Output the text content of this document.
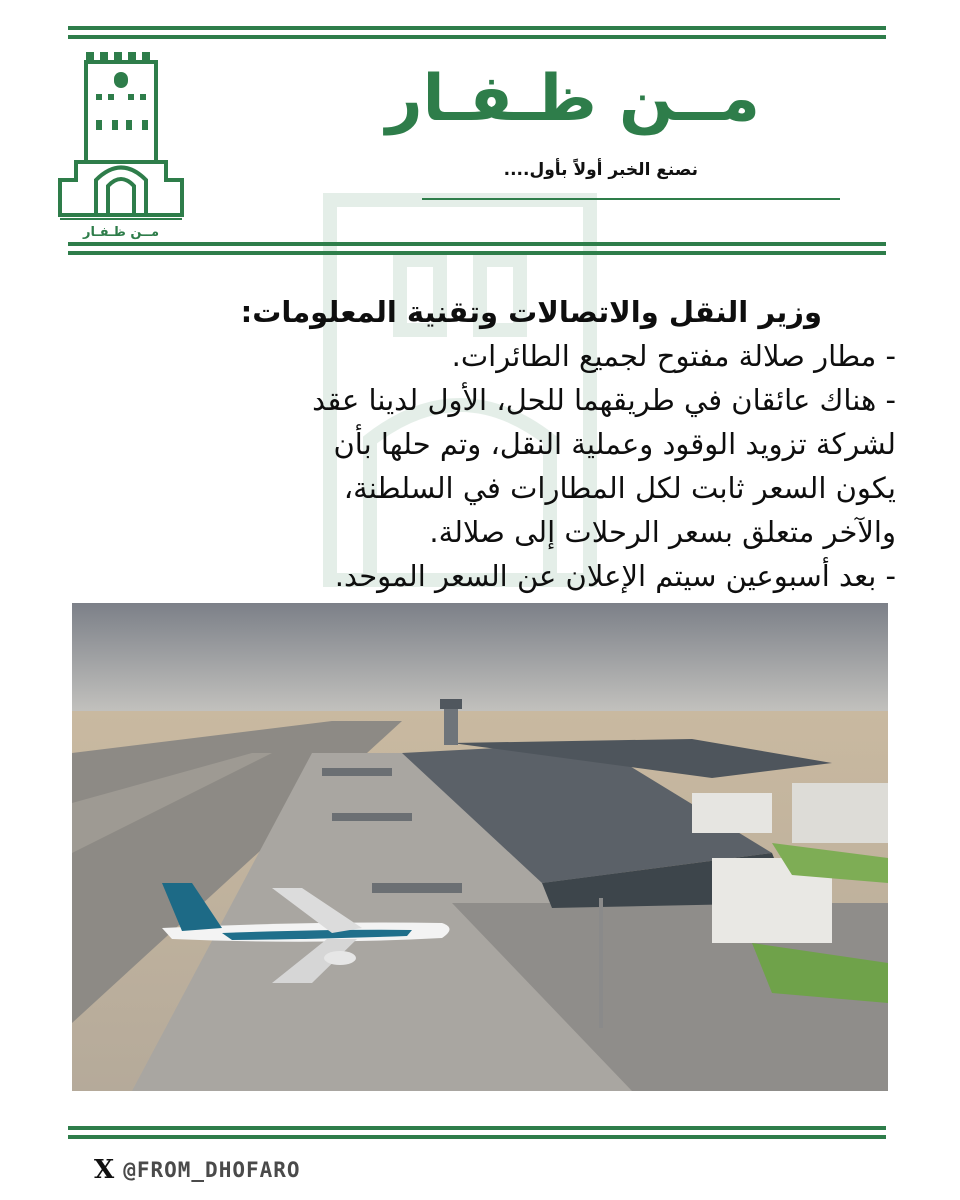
مــن ظـفـار
مــن ظـفـار
نصنع الخبر أولاً بأول....
وزير النقل والاتصالات وتقنية المعلومات:
- مطار صلالة مفتوح لجميع الطائرات.
- هناك عائقان في طريقهما للحل، الأول لدينا عقد
لشركة تزويد الوقود وعملية النقل، وتم حلها بأن
يكون السعر ثابت لكل المطارات في السلطنة،
والآخر متعلق بسعر الرحلات إلى صلالة.
- بعد أسبوعين سيتم الإعلان عن السعر الموحد.
X @FROM_DHOFARO
